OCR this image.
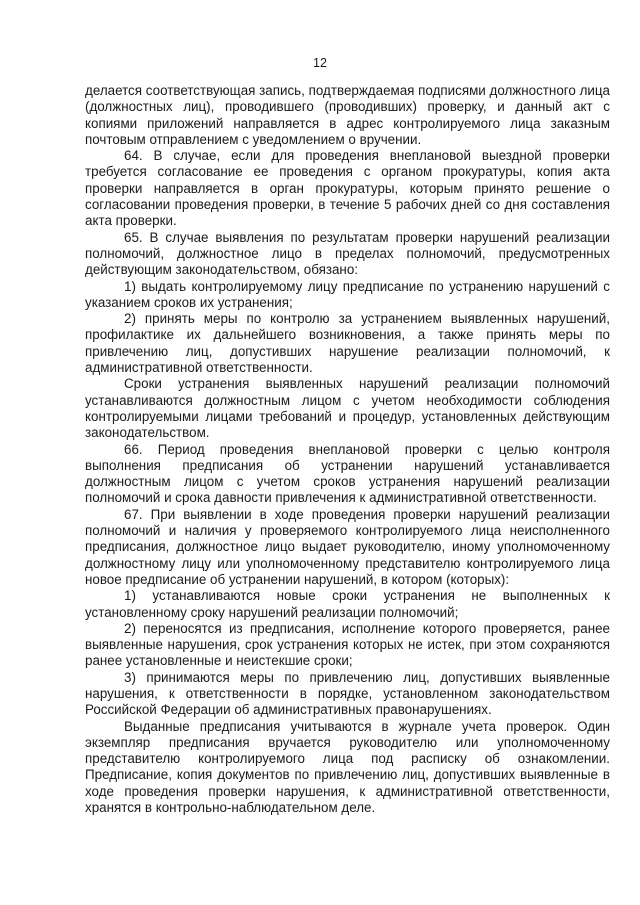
12

делается соответствующая запись, подтверждаемая подписями должностного лица (должностных лиц), проводившего (проводивших) проверку, и данный акт с копиями приложений направляется в адрес контролируемого лица заказным почтовым отправлением с уведомлением о вручении.

64. В случае, если для проведения внеплановой выездной проверки требуется согласование ее проведения с органом прокуратуры, копия акта проверки направляется в орган прокуратуры, которым принято решение о согласовании проведения проверки, в течение 5 рабочих дней со дня составления акта проверки.

65. В случае выявления по результатам проверки нарушений реализации полномочий, должностное лицо в пределах полномочий, предусмотренных действующим законодательством, обязано:

1) выдать контролируемому лицу предписание по устранению нарушений с указанием сроков их устранения;

2) принять меры по контролю за устранением выявленных нарушений, профилактике их дальнейшего возникновения, а также принять меры по привлечению лиц, допустивших нарушение реализации полномочий, к административной ответственности.

Сроки устранения выявленных нарушений реализации полномочий устанавливаются должностным лицом с учетом необходимости соблюдения контролируемыми лицами требований и процедур, установленных действующим законодательством.

66. Период проведения внеплановой проверки с целью контроля выполнения предписания об устранении нарушений устанавливается должностным лицом с учетом сроков устранения нарушений реализации полномочий и срока давности привлечения к административной ответственности.

67. При выявлении в ходе проведения проверки нарушений реализации полномочий и наличия у проверяемого контролируемого лица неисполненного предписания, должностное лицо выдает руководителю, иному уполномоченному должностному лицу или уполномоченному представителю контролируемого лица новое предписание об устранении нарушений, в котором (которых):

1) устанавливаются новые сроки устранения не выполненных к установленному сроку нарушений реализации полномочий;

2) переносятся из предписания, исполнение которого проверяется, ранее выявленные нарушения, срок устранения которых не истек, при этом сохраняются ранее установленные и неистекшие сроки;

3) принимаются меры по привлечению лиц, допустивших выявленные нарушения, к ответственности в порядке, установленном законодательством Российской Федерации об административных правонарушениях.

Выданные предписания учитываются в журнале учета проверок. Один экземпляр предписания вручается руководителю или уполномоченному представителю контролируемого лица под расписку об ознакомлении. Предписание, копия документов по привлечению лиц, допустивших выявленные в ходе проведения проверки нарушения, к административной ответственности, хранятся в контрольно-наблюдательном деле.
